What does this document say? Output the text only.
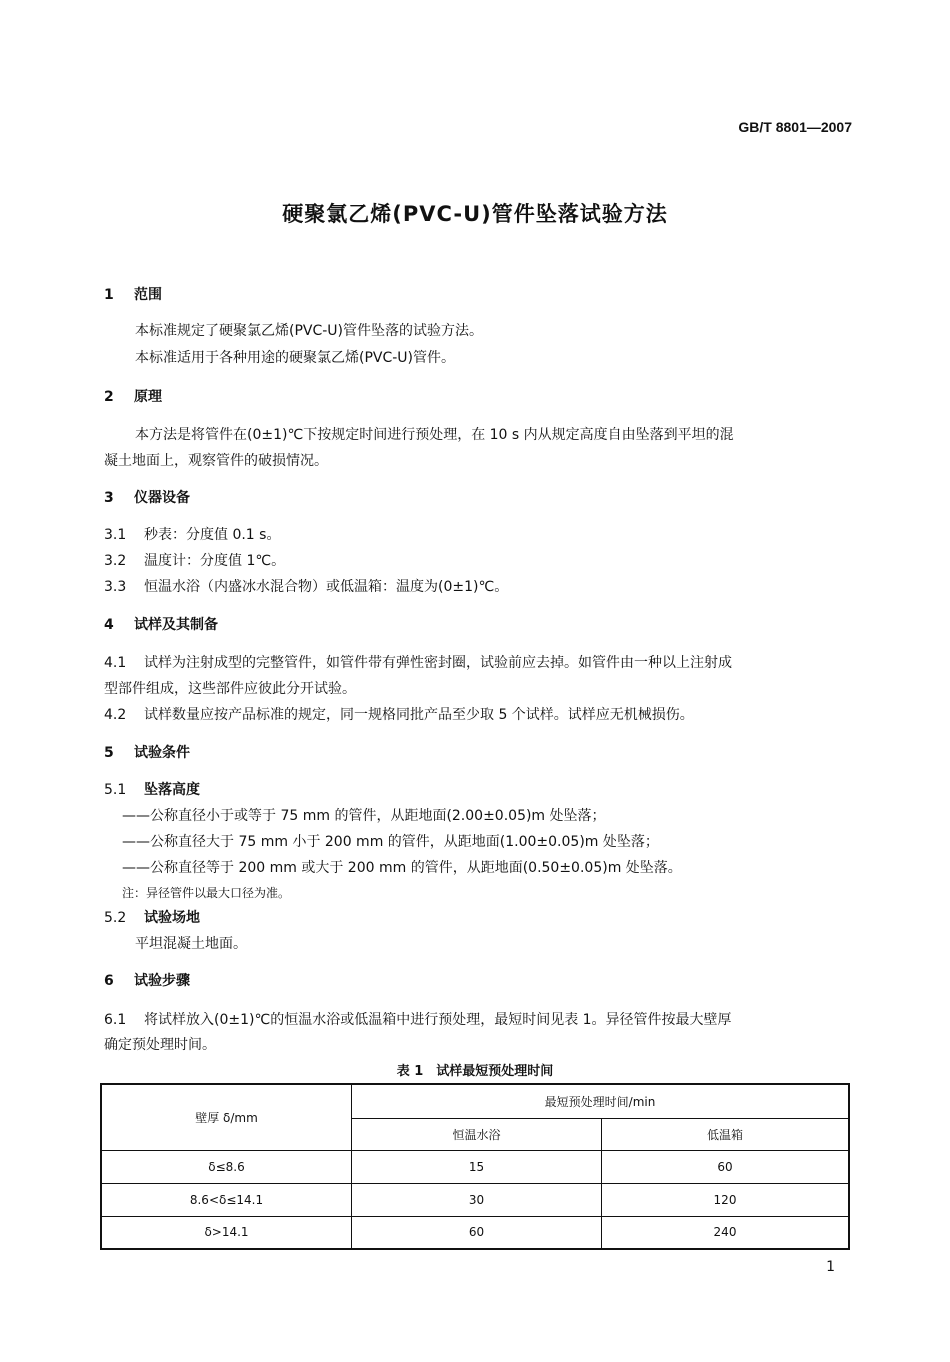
GB/T 8801—2007
硬聚氯乙烯(PVC-U)管件坠落试验方法
1 范围
本标准规定了硬聚氯乙烯(PVC-U)管件坠落的试验方法。
本标准适用于各种用途的硬聚氯乙烯(PVC-U)管件。
2 原理
本方法是将管件在(0±1)℃下按规定时间进行预处理，在 10 s 内从规定高度自由坠落到平坦的混
凝土地面上，观察管件的破损情况。
3 仪器设备
3.1 秒表：分度值 0.1 s。
3.2 温度计：分度值 1℃。
3.3 恒温水浴（内盛冰水混合物）或低温箱：温度为(0±1)℃。
4 试样及其制备
4.1 试样为注射成型的完整管件，如管件带有弹性密封圈，试验前应去掉。如管件由一种以上注射成
型部件组成，这些部件应彼此分开试验。
4.2 试样数量应按产品标准的规定，同一规格同批产品至少取 5 个试样。试样应无机械损伤。
5 试验条件
5.1 坠落高度
——公称直径小于或等于 75 mm 的管件，从距地面(2.00±0.05)m 处坠落；
——公称直径大于 75 mm 小于 200 mm 的管件，从距地面(1.00±0.05)m 处坠落；
——公称直径等于 200 mm 或大于 200 mm 的管件，从距地面(0.50±0.05)m 处坠落。
注：异径管件以最大口径为准。
5.2 试验场地
平坦混凝土地面。
6 试验步骤
6.1 将试样放入(0±1)℃的恒温水浴或低温箱中进行预处理，最短时间见表 1。异径管件按最大壁厚
确定预处理时间。
表 1　试样最短预处理时间
壁厚 δ/mm	最短预处理时间/min	
	恒温水浴	低温箱
δ≤8.6	15	60
8.6<δ≤14.1	30	120
δ>14.1	60	240
1
